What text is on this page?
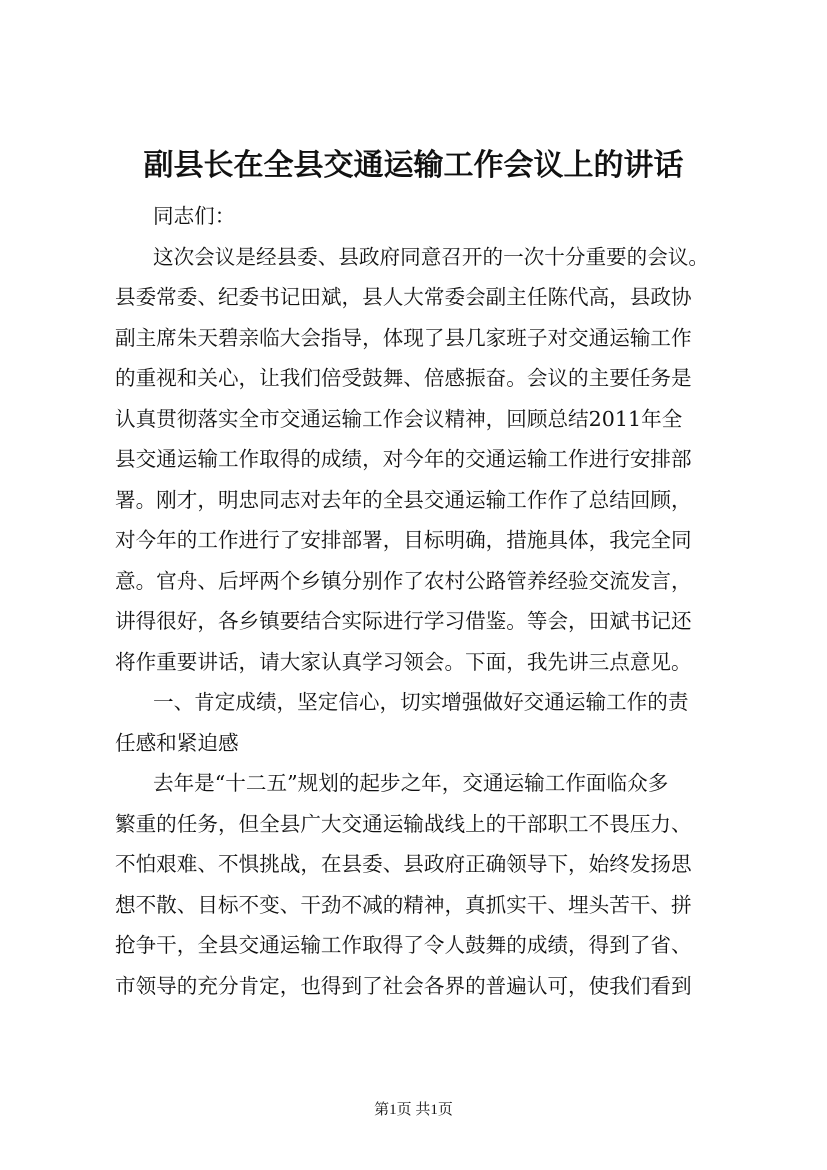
副县长在全县交通运输工作会议上的讲话
同志们：
这次会议是经县委、县政府同意召开的一次十分重要的会议。
县委常委、纪委书记田斌，县人大常委会副主任陈代高，县政协
副主席朱天碧亲临大会指导，体现了县几家班子对交通运输工作
的重视和关心，让我们倍受鼓舞、倍感振奋。会议的主要任务是
认真贯彻落实全市交通运输工作会议精神，回顾总结2011年全
县交通运输工作取得的成绩，对今年的交通运输工作进行安排部
署。刚才，明忠同志对去年的全县交通运输工作作了总结回顾，
对今年的工作进行了安排部署，目标明确，措施具体，我完全同
意。官舟、后坪两个乡镇分别作了农村公路管养经验交流发言，
讲得很好，各乡镇要结合实际进行学习借鉴。等会，田斌书记还
将作重要讲话，请大家认真学习领会。下面，我先讲三点意见。
一、肯定成绩，坚定信心，切实增强做好交通运输工作的责
任感和紧迫感
去年是“十二五”规划的起步之年，交通运输工作面临众多
繁重的任务，但全县广大交通运输战线上的干部职工不畏压力、
不怕艰难、不惧挑战，在县委、县政府正确领导下，始终发扬思
想不散、目标不变、干劲不减的精神，真抓实干、埋头苦干、拼
抢争干，全县交通运输工作取得了令人鼓舞的成绩，得到了省、
市领导的充分肯定，也得到了社会各界的普遍认可，使我们看到
第1页 共1页
